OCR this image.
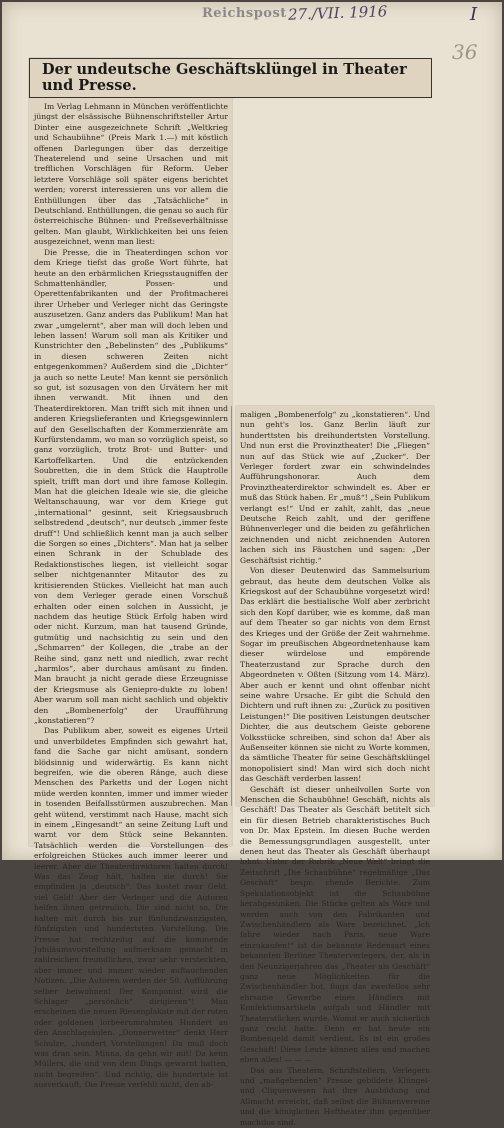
Reichspost 27./VII. 1916	I
36
Der undeutsche Geschäftsklüngel in Theater und Presse.

Im Verlag Lehmann in München veröffentlichte jüngst der elsässische Bühnenschriftsteller Artur Dinter eine ausgezeichnete Schrift „Weltkrieg und Schaubühne“ (Preis Mark 1.—) mit köstlich offenen Darlegungen über das derzeitige Theaterelend und seine Ursachen und mit trefflichen Vorschlägen für Reform. Ueber letztere Vorschläge soll später eigens berichtet werden; vorerst interessieren uns vor allem die Enthüllungen über das „Tatsächliche“ in Deutschland. Enthüllungen, die genau so auch für österreichische Bühnen- und Preßseverhältnisse gelten. Man glaubt, Wirklichkeiten bei uns feien ausgezeichnet, wenn man liest:

Die Presse, die in Theaterdingen schon vor dem Kriege tiefst das große Wort führte, hat heute an den erbärmlichen Kriegsstaugniffen der Schmattenhändler, Possen- und Operettenfabrikanten und der Profitmacherei ihrer Urheber und Verleger nicht das Geringste auszusetzen. Ganz anders das Publikum! Man hat zwar „umgelernt“, aber man will doch leben und leben lassen! Warum soll man als Kritiker und Kunstrichter den „Bebelinsten“ des „Publikums“ in diesen schweren Zeiten nicht entgegenkommen? Außerdem sind die „Dichter“ ja auch so nette Leute! Man kennt sie persönlich so gut, ist sozusagen von den Urvätern her mit ihnen verwandt. Mit ihnen und den Theaterdirektoren. Man trifft sich mit ihnen und anderen Kriegslieferanten und Kriegsgewinnlern auf den Gesellschaften der Kommerzienräte am Kurfürstendamm, wo man so vorzüglich speist, so ganz vorzüglich, trotz Brot- und Butter- und Kartoffelkarten. Und die entzückenden Soubretten, die in dem Stück die Hauptrolle spielt, trifft man dort und ihre famose Kollegin. Man hat die gleichen Ideale wie sie, die gleiche Weltanschauung, war vor dem Kriege gut „international“ gesinnt, seit Kriegsausbruch selbstredend „deutsch“, nur deutsch „immer feste druff“! Und schließlich kennt man ja auch selber die Sorgen so eines „Dichters“. Man hat ja selber einen Schrank in der Schublade des Redaktionstisches liegen, ist vielleicht sogar selber nichtgenannter Mitautor des zu kritisierenden Stückes. Vielleicht hat man auch von dem Verleger gerade einen Vorschuß erhalten oder einen solchen in Aussicht, je nachdem das heutige Stück Erfolg haben wird oder nicht. Kurzum, man hat tausend Gründe, gutmütig und nachsichtig zu sein und den „Schmarren“ der Kollegen, die „trabe an der Reihe sind, ganz nett und niedlich, zwar recht „harmlos“, aber durchaus amüsant zu finden. Man braucht ja nicht gerade diese Erzeugnisse der Kriegsmuse als Geniepro-dukte zu loben! Aber warum soll man nicht sachlich und objektiv den „Bombenerfolg“ der Uraufführung „konstatieren“?

Das Publikum aber, soweit es eigenes Urteil und unverbildetes Empfinden sich gewahrt hat, fand die Sache gar nicht amüsant, sondern blödsinnig und widerwärtig. Es kann nicht begreifen, wie die oberen Ränge, auch diese Menschen des Parketts und der Logen nicht müde werden konnten, immer und immer wieder in tosenden Beifallsstürmen auszubrechen. Man geht wütend, verstimmt nach Hause, macht sich in einem „Eingesandt“ an seine Zeitung Luft und warnt vor dem Stück seine Bekannten. Tatsächlich werden die Vorstellungen des erfolgreichen Stückes auch immer leerer und leerer. Aber die Theaterdirektoren halten durch! Was das Zeug hält, halten sie durch! Sie empfinden ja „deutsch“. Das kostet zwar Geld, viel Geld! Aber der Verleger und die Autoren helfen ihnen getreulich. Die sind nicht so. Die halten mit durch bis zur fünfundzwanzigsten, fünfzigsten und hundertsten Vorstellung. Die Presse hat rechtzeitig auf die kommende Jubiläumsvorstellung aufmerksam gemacht in zahlreichen freundlichen, zwar sehr versteckten, aber immer und immer wieder auftauchenden Notizen. „Die Autoren werden der 50. Aufführung selber beiwohnen! Der Komponist wird die Schlager „persönlich“ dirigieren“! Man erscheinen die neuen Riesenplakate mit der roten oder goldenen lorbeerumrahmten Hundert an den Anschlagsäulen. „Donnerwetter“ denkt Herr Schulze, „hundert Vorstellungen! Da muß doch was dran sein. Minna, da gehn wir mit! Da kenn Müllers, die und von dem Dings gewarnt hatten, nicht begreifen“. Und richtig, die hundertste ist ausverkauft. Die Presse verfehlt nicht, den ab-

maligen „Bombenerfolg“ zu „konstatieren“. Und nun geht's los. Ganz Berlin läuft zur hunderttsten bis dreihundertsten Vorstellung. Und nun erst die Provinztheater! Die „Fliegen“ nun auf das Stück wie auf „Zucker“. Der Verleger fordert zwar ein schwindelndes Aufführungshonorar. Auch dem Provinztheaterdirektor schwindelt es. Aber er muß das Stück haben. Er „muß“! „Sein Publikum verlangt es!“ Und er zahlt, zahlt, das „neue Deutsche Reich zahlt, und der geriffene Bühnenverleger und die beiden zu gefährlichen zeichnenden und nicht zeichnenden Autoren lachen sich ins Fäustchen und sagen: „Der Geschäftsist richtig.“

Von dieser Deutenwird das Sammelsurium gebraut, das heute dem deutschen Volke als Kriegskost auf der Schaubühne vorgesetzt wird! Das erklärt die bestialische Wolf aber zerbricht sich den Kopf darüber, wie es komme, daß man auf dem Theater so gar nichts von dem Ernst des Krieges und der Größe der Zeit wahrnehme. Sogar im preußischen Abgeordnetenhause kam dieser würdelose und empörende Theaterzustand zur Sprache durch den Abgeordneten v. Oßten (Sitzung vom 14. März). Aber auch er kennt und ohnt offenbar nicht seine wahre Ursache. Er gibt die Schuld den Dichtern und ruft ihnen zu: „Zurück zu positiven Leistungen!“ Die positiven Leistungen deutscher Dichter, die aus deutschem Geiste geborene Volksstücke schreiben, sind schon da! Aber als Außenseiter können sie nicht zu Worte kommen, da sämtliche Theater für seine Geschäftsklüngel monopolisiert sind! Man wird sich doch nicht das Geschäft verderben lassen!

Geschäft ist dieser unheilvollen Sorte von Menschen die Schaubühne! Geschäft, nichts als Geschäft! Das Theater als Geschäft betitelt sich ein für diesen Betrieb charakteristisches Buch von Dr. Max Epstein. Im diesen Buche werden die Bemessungsgrundlagen ausgestellt, unter denen heut das Theater als Geschäft überhaupt lohnt. Unter der Rubrik „Neue Welt“ bringt die Zeitschrift „Die Schaubühne“ regelmäßige „Das Geschäft“ bespr. chende Berichte. Zum Spekulationsobjekt ist die Schaubühne herabgesunken. Die Stücke gelten als Ware und werden auch von den Fabrikanten und Zwischenhändlern als Ware bezeichnet. „Ich fahre wieder nach Paris, neue Ware einzukaufen!“ ist die bekannte Redensart eines bekannten Berliner Theaterverlegers, der, als in den Neunzigerjahren das „Theater als Geschäft“ ganz neue Möglichkeiten für die Zwischenhändler bot, flugs das zweifellos sehr ehrsame Gewerbe eines Händlers mit Konfektionsartikeln aufgab und Händler mit Theaterstücken wurde. Womit er auch sicherlich ganz recht hatte. Denn er hat heute ein Bombengeld damit verdient. Es ist ein großes Geschäft! Diese Leute können alles und machen eben alles! — — —

Das aus Theatern, Schriftstellern, Verlegern und „maßgebenden“ Presse gebildete Klüngel- und Cliquenwesen hat ihre Ausbildung und Allmacht erreicht, daß selbst die Bühnenvereine und die königlichen Hoftheater ihm gegenüber machtlos sind.
